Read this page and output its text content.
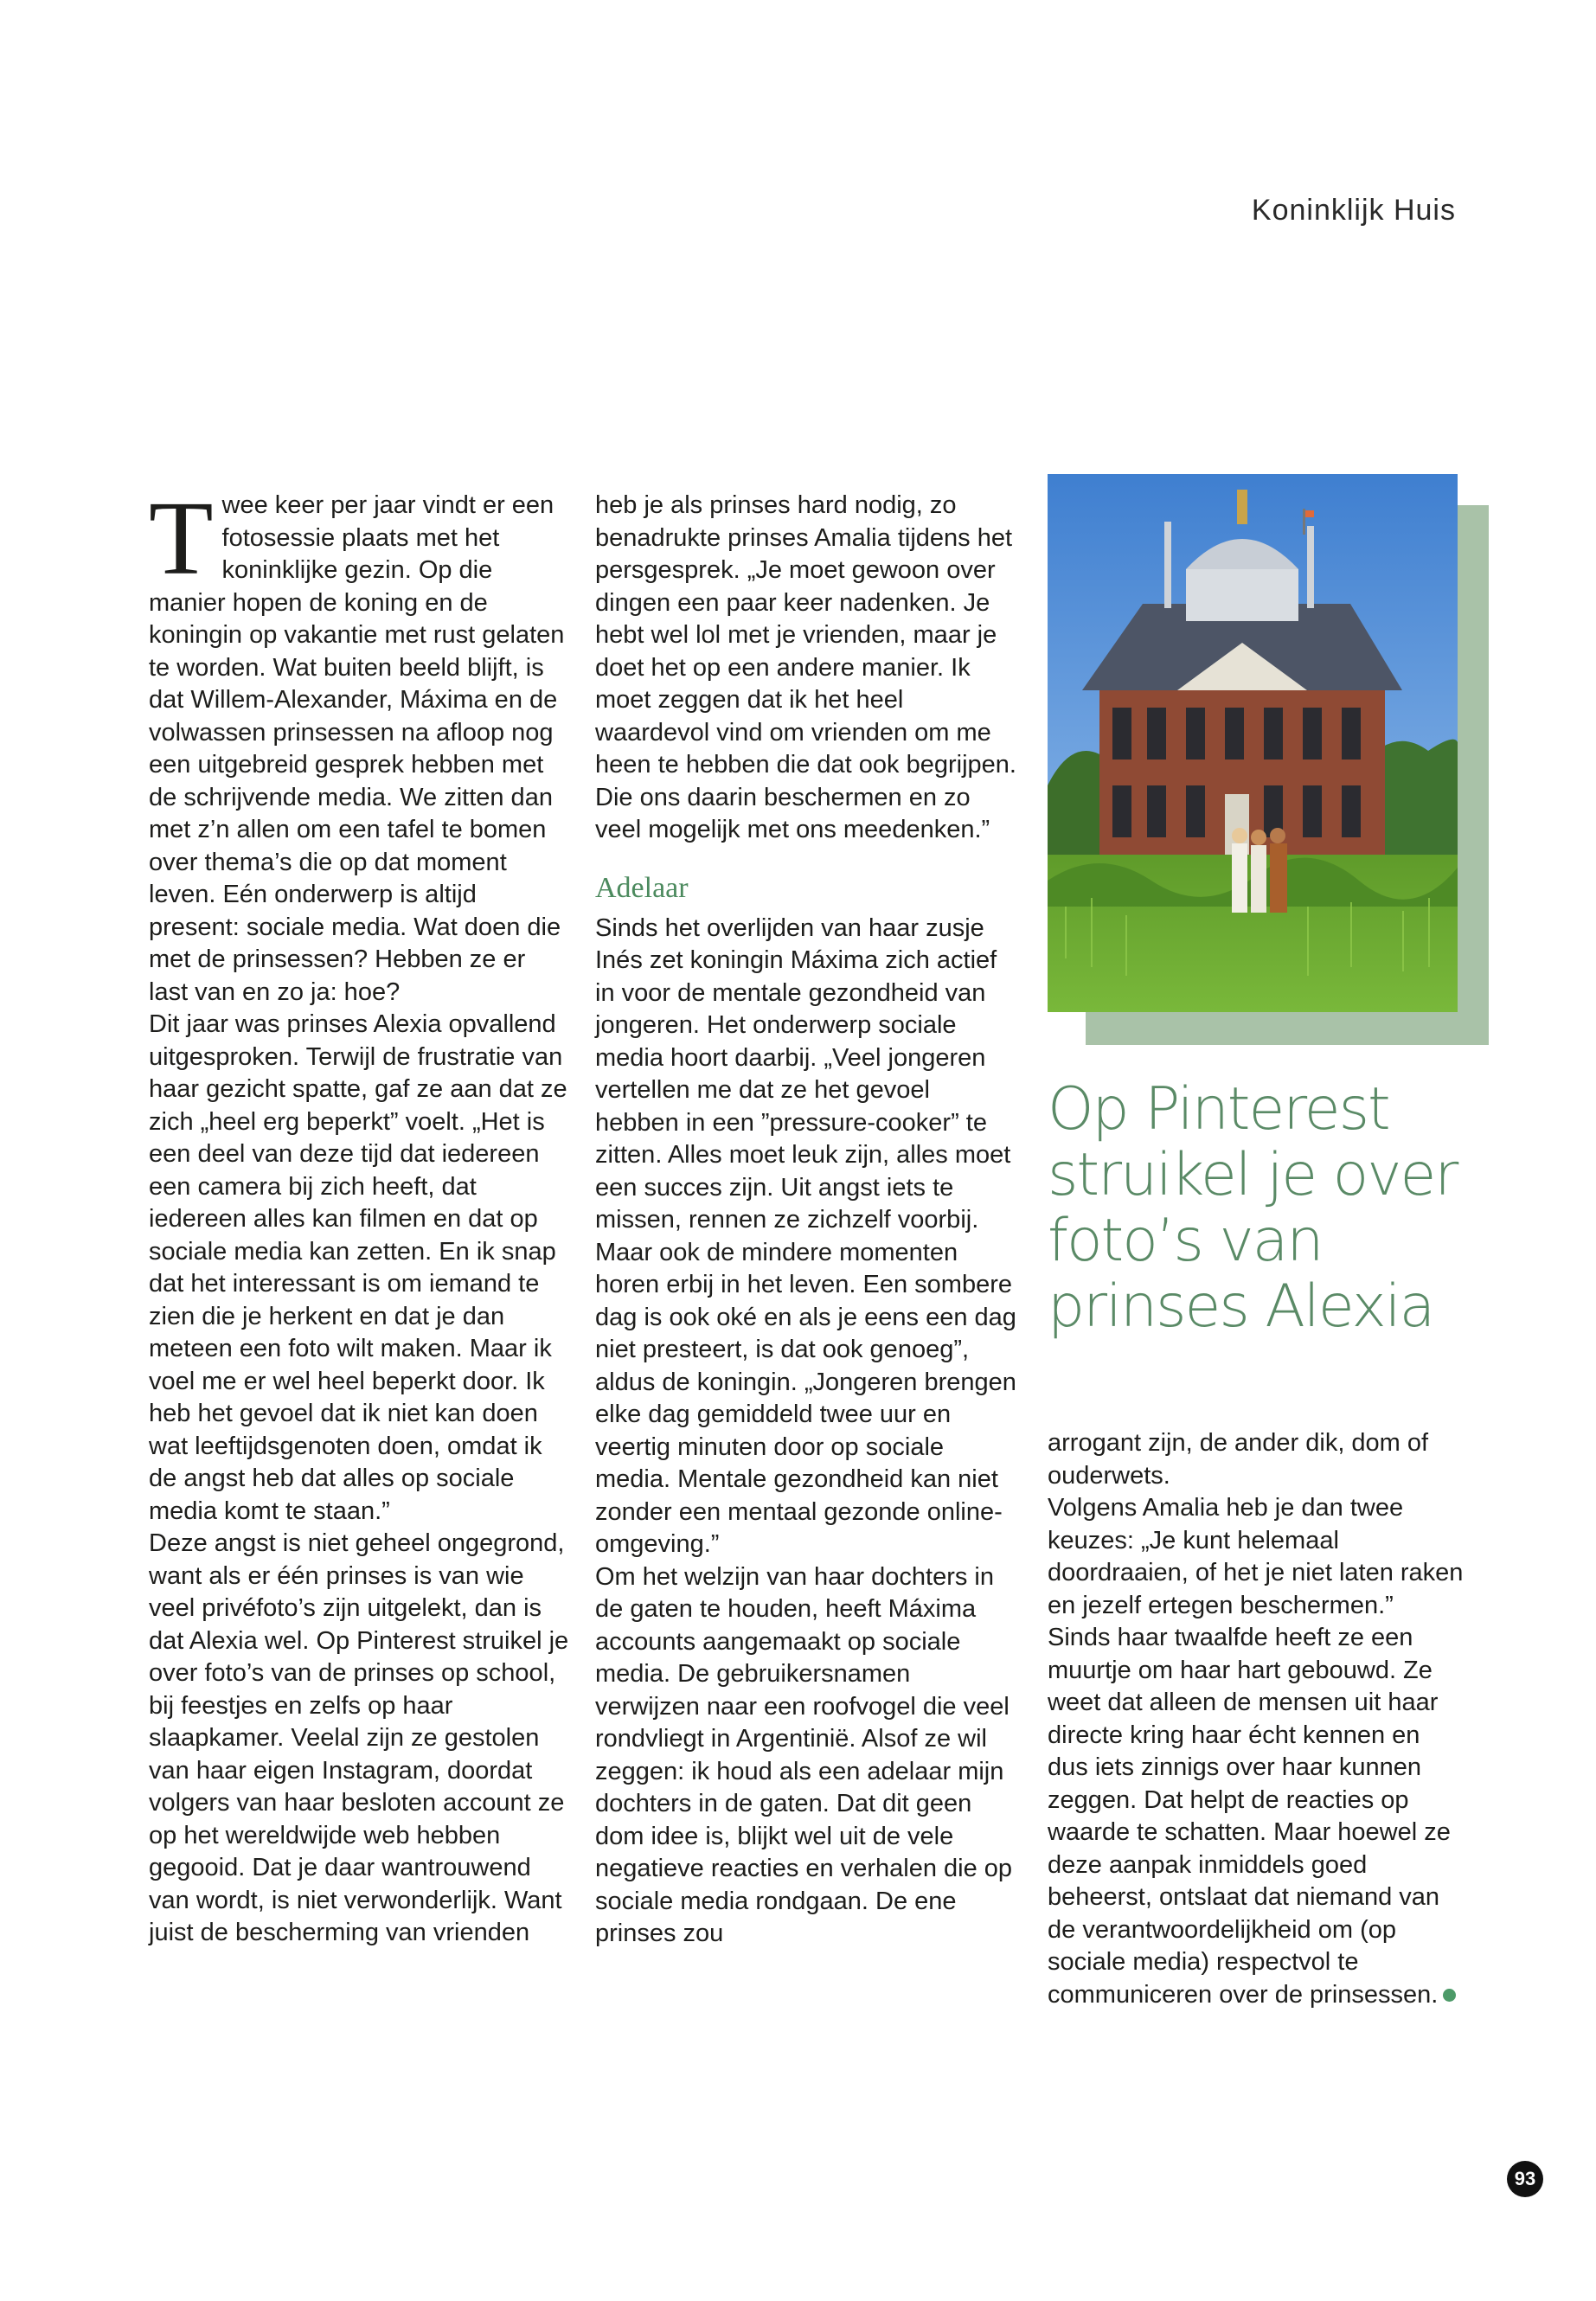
Koninklijk Huis

Twee keer per jaar vindt er een fotosessie plaats met het koninklijke gezin. Op die manier hopen de koning en de koningin op vakantie met rust gelaten te worden. Wat buiten beeld blijft, is dat Willem-Alexander, Máxima en de volwassen prinsessen na afloop nog een uitgebreid gesprek hebben met de schrijvende media. We zitten dan met z’n allen om een tafel te bomen over thema’s die op dat moment leven. Eén onderwerp is altijd present: sociale media. Wat doen die met de prinsessen? Hebben ze er last van en zo ja: hoe?

Dit jaar was prinses Alexia opvallend uitgesproken. Terwijl de frustratie van haar gezicht spatte, gaf ze aan dat ze zich „heel erg beperkt” voelt. „Het is een deel van deze tijd dat iedereen een camera bij zich heeft, dat iedereen alles kan filmen en dat op sociale media kan zetten. En ik snap dat het interessant is om iemand te zien die je herkent en dat je dan meteen een foto wilt maken. Maar ik voel me er wel heel beperkt door. Ik heb het gevoel dat ik niet kan doen wat leeftijdsgenoten doen, omdat ik de angst heb dat alles op sociale media komt te staan.”

Deze angst is niet geheel ongegrond, want als er één prinses is van wie veel privéfoto’s zijn uitgelekt, dan is dat Alexia wel. Op Pinterest struikel je over foto’s van de prinses op school, bij feestjes en zelfs op haar slaapkamer. Veelal zijn ze gestolen van haar eigen Instagram, doordat volgers van haar besloten account ze op het wereldwijde web hebben gegooid. Dat je daar wantrouwend van wordt, is niet verwonderlijk. Want juist de bescherming van vrienden

heb je als prinses hard nodig, zo benadrukte prinses Amalia tijdens het persgesprek. „Je moet gewoon over dingen een paar keer nadenken. Je hebt wel lol met je vrienden, maar je doet het op een andere manier. Ik moet zeggen dat ik het heel waardevol vind om vrienden om me heen te hebben die dat ook begrijpen. Die ons daarin beschermen en zo veel mogelijk met ons meedenken.”

Adelaar

Sinds het overlijden van haar zusje Inés zet koningin Máxima zich actief in voor de mentale gezondheid van jongeren. Het onderwerp sociale media hoort daarbij. „Veel jongeren vertellen me dat ze het gevoel hebben in een ”pressure-cooker” te zitten. Alles moet leuk zijn, alles moet een succes zijn. Uit angst iets te missen, rennen ze zichzelf voorbij. Maar ook de mindere momenten horen erbij in het leven. Een sombere dag is ook oké en als je eens een dag niet presteert, is dat ook genoeg”, aldus de koningin. „Jongeren brengen elke dag gemiddeld twee uur en veertig minuten door op sociale media. Mentale gezondheid kan niet zonder een mentaal gezonde online-omgeving.”

Om het welzijn van haar dochters in de gaten te houden, heeft Máxima accounts aangemaakt op sociale media. De gebruikersnamen verwijzen naar een roofvogel die veel rondvliegt in Argentinië. Alsof ze wil zeggen: ik houd als een adelaar mijn dochters in de gaten. Dat dit geen dom idee is, blijkt wel uit de vele negatieve reacties en verhalen die op sociale media rondgaan. De ene prinses zou

Op Pinterest struikel je over foto’s van prinses Alexia

arrogant zijn, de ander dik, dom of ouderwets.

Volgens Amalia heb je dan twee keuzes: „Je kunt helemaal doordraaien, of het je niet laten raken en jezelf ertegen beschermen.”

Sinds haar twaalfde heeft ze een muurtje om haar hart gebouwd. Ze weet dat alleen de mensen uit haar directe kring haar écht kennen en dus iets zinnigs over haar kunnen zeggen. Dat helpt de reacties op waarde te schatten. Maar hoewel ze deze aanpak inmiddels goed beheerst, ontslaat dat niemand van de verantwoordelijkheid om (op sociale media) respectvol te communiceren over de prinsessen.

93
